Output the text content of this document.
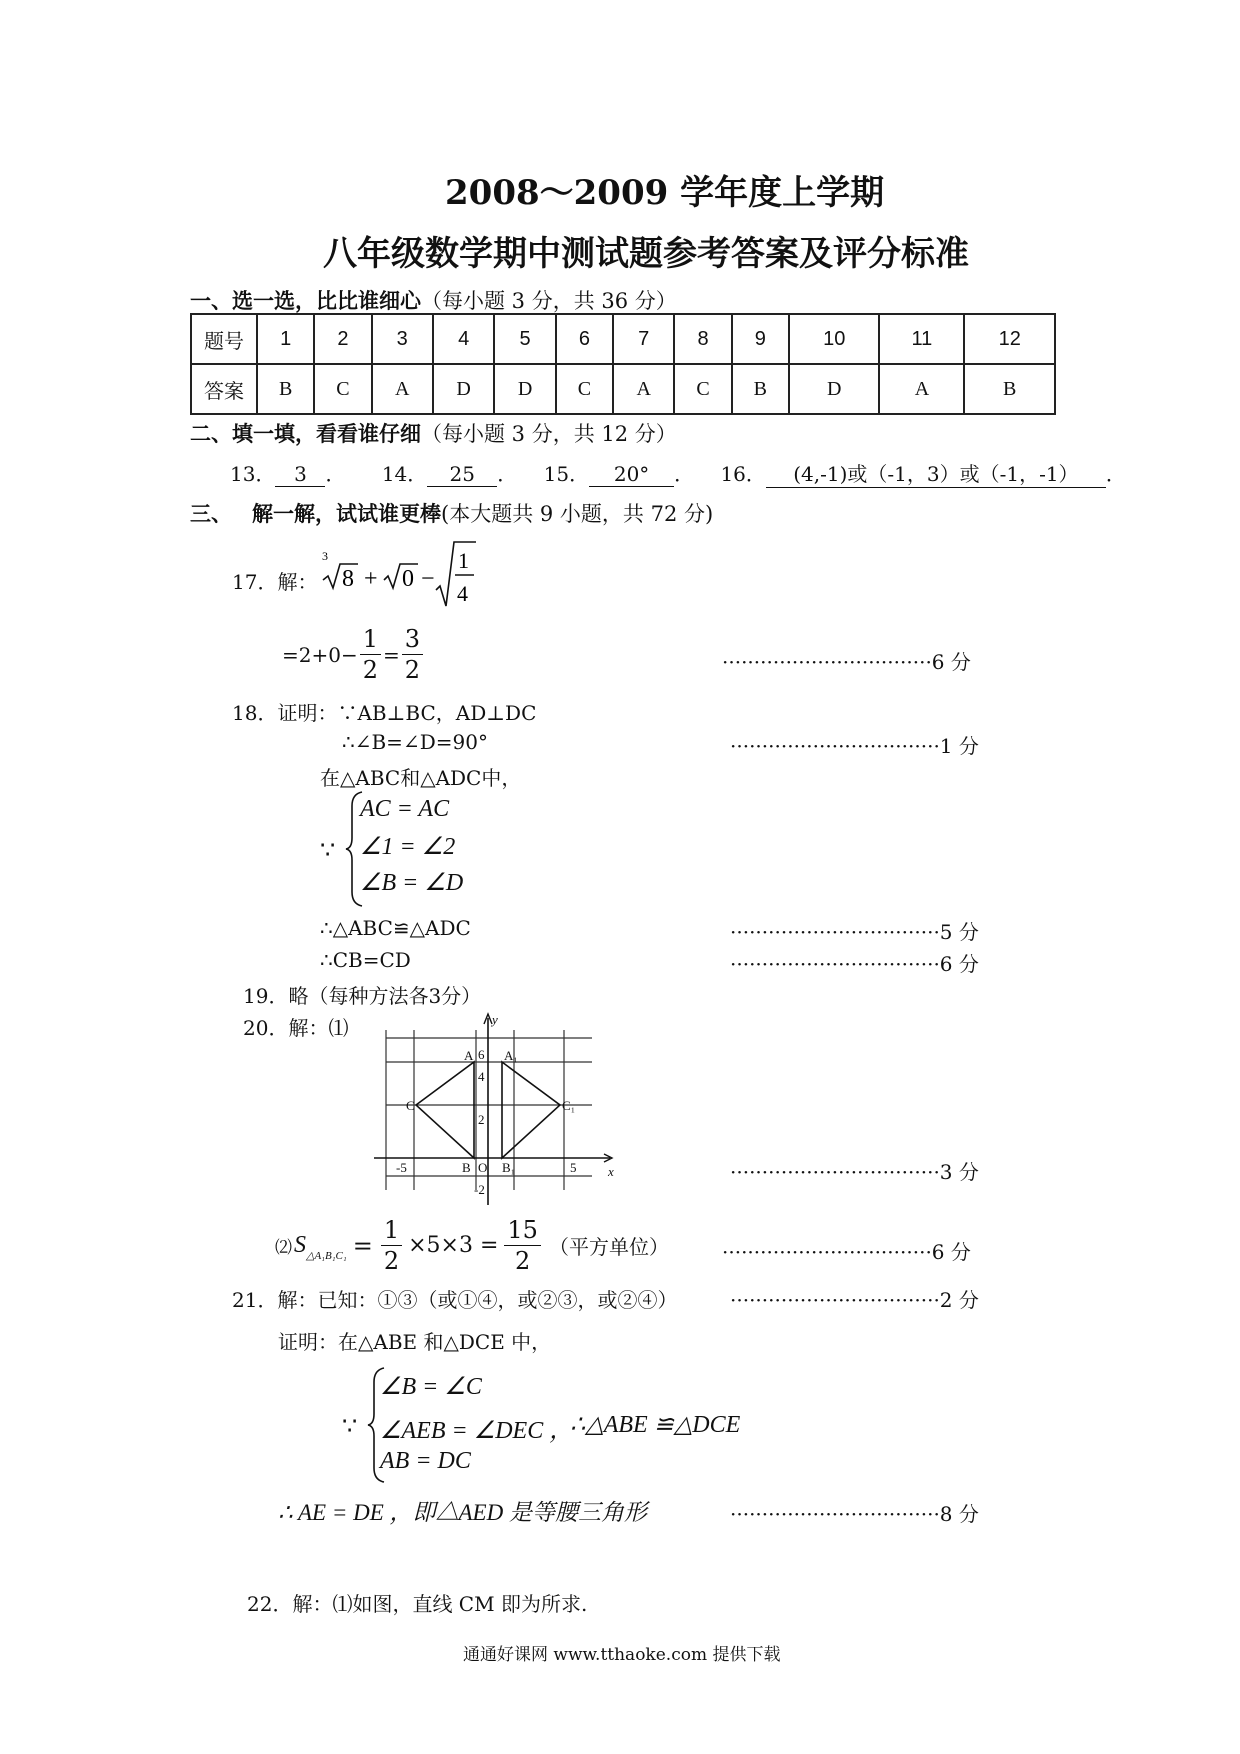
2008～2009 学年度上学期
八年级数学期中测试题参考答案及评分标准
一、选一选，比比谁细心（每小题 3 分，共 36 分）
题号	1	2	3	4	5	6	7	8	9	10	11	12
答案	B	C	A	D	D	C	A	C	B	D	A	B
二、填一填，看看谁仔细（每小题 3 分，共 12 分）
13． 3 ． 14． 25 ． 15． 20° ． 16． (4,-1)或（-1，3）或（-1，-1） ．
三、 解一解，试试谁更棒(本大题共 9 小题，共 72 分)
17．解：
3
8 + 0 −
1
4
$=2+0- \frac{1}{2} = \frac{3}{2}$	·································6 分
18．证明：∵AB⊥BC，AD⊥DC
∴∠B=∠D=90°	·································1 分
在△ABC和△ADC中，
∵
AC = AC
∠1 = ∠2
∠B = ∠D
∴△ABC≌△ADC	·································5 分
∴CB=CD	·································6 分
19．略（每种方法各3分）
20．解：⑴	y
x
6
4
2
-2
-5	5
O
A
B
C
A₁
B₁
C₁
·································3 分
⑵ S △A₁B₁C₁ = $\frac{1}{2} \times 5\times 3 = \frac{15}{2}$ （平方单位）	·································6 分
21．解：已知：①③（或①④，或②③，或②④）	·································2 分
证明：在△ABE 和△DCE 中，
∵
∠B = ∠C
∠AEB = ∠DEC ，
∴△ABE ≌△DCE
AB = DC
∴ AE = DE ，即△AED 是等腰三角形	·································8 分
22．解：⑴如图，直线 CM 即为所求.
通通好课网 www.tthaoke.com 提供下载
